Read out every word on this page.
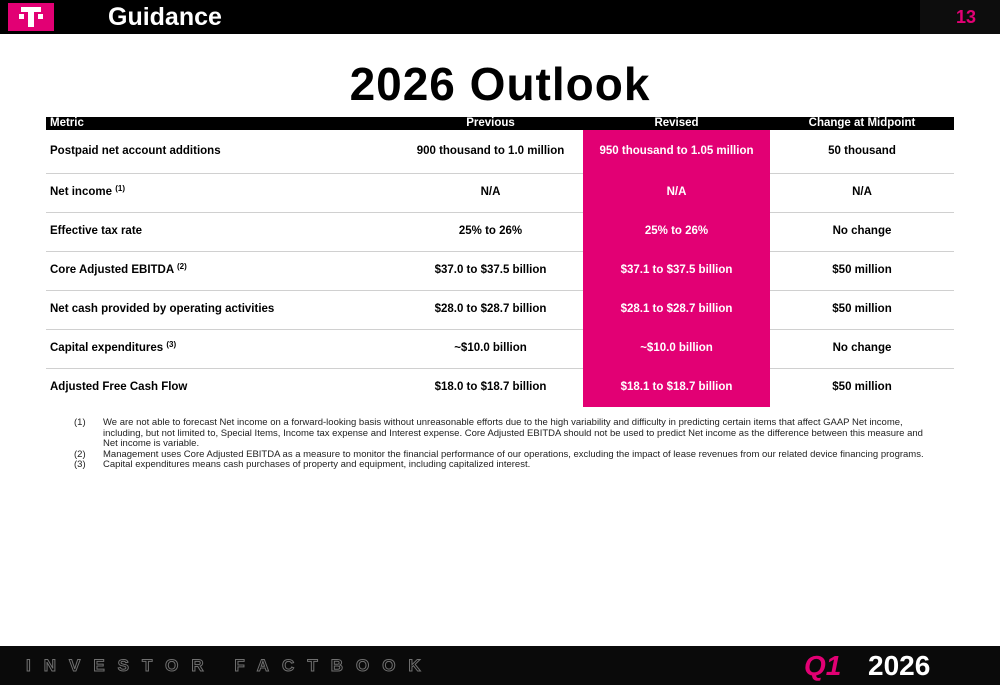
Guidance	13
2026 Outlook
Metric	Previous	Revised	Change at Midpoint
Postpaid net account additions	900 thousand to 1.0 million	950 thousand to 1.05 million	50 thousand
Net income $^{(1)}$	N/A	N/A	N/A
Effective tax rate	25% to 26%	25% to 26%	No change
Core Adjusted EBITDA $^{(2)}$	$37.0 to $37.5 billion	$37.1 to $37.5 billion	$50 million
Net cash provided by operating activities	$28.0 to $28.7 billion	$28.1 to $28.7 billion	$50 million
Capital expenditures $^{(3)}$	~$10.0 billion	~$10.0 billion	No change
Adjusted Free Cash Flow	$18.0 to $18.7 billion	$18.1 to $18.7 billion	$50 million
(1)	We are not able to forecast Net income on a forward-looking basis without unreasonable efforts due to the high variability and difficulty in predicting certain items that affect GAAP Net income, including, but not limited to, Special Items, Income tax expense and Interest expense. Core Adjusted EBITDA should not be used to predict Net income as the difference between this measure and Net income is variable.
(2)	Management uses Core Adjusted EBITDA as a measure to monitor the financial performance of our operations, excluding the impact of lease revenues from our related device financing programs.
(3)	Capital expenditures means cash purchases of property and equipment, including capitalized interest.
INVESTOR FACTBOOK	Q1 2026
